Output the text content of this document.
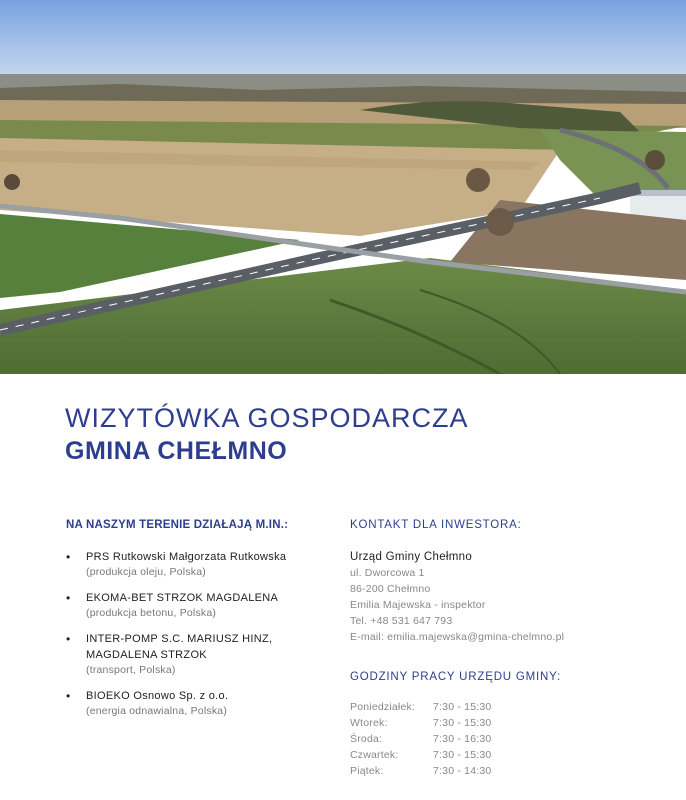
WIZYTÓWKA GOSPODARCZA
GMINA CHEŁMNO
NA NASZYM TERENIE DZIAŁAJĄ M.IN.:
• PRS Rutkowski Małgorzata Rutkowska
(produkcja oleju, Polska)
• EKOMA-BET STRZOK MAGDALENA
(produkcja betonu, Polska)
• INTER-POMP S.C. MARIUSZ HINZ,
MAGDALENA STRZOK
(transport, Polska)
• BIOEKO Osnowo Sp. z o.o.
(energia odnawialna, Polska)
KONTAKT DLA INWESTORA:

Urząd Gminy Chełmno

ul. Dworcowa 1
86-200 Chełmno
Emilia Majewska - inspektor
Tel. +48 531 647 793
E-mail: emilia.majewska@gmina-chelmno.pl
GODZINY PRACY URZĘDU GMINY:
Poniedziałek:	7:30 - 15:30
Wtorek:	7:30 - 15:30
Środa:	7:30 - 16:30
Czwartek:	7:30 - 15:30
Piątek:	7:30 - 14:30
